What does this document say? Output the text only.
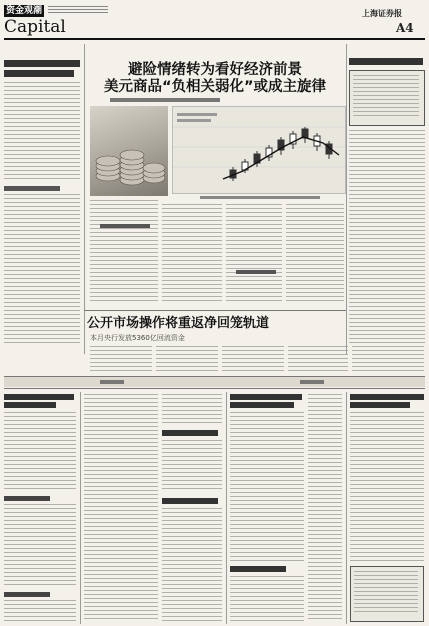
资金观潮
Capital
上海证券报
A4
避险情绪转为看好经济前景
美元商品“负相关弱化”或成主旋律
公开市场操作将重返净回笼轨道
本月央行发放5360亿回流资金
